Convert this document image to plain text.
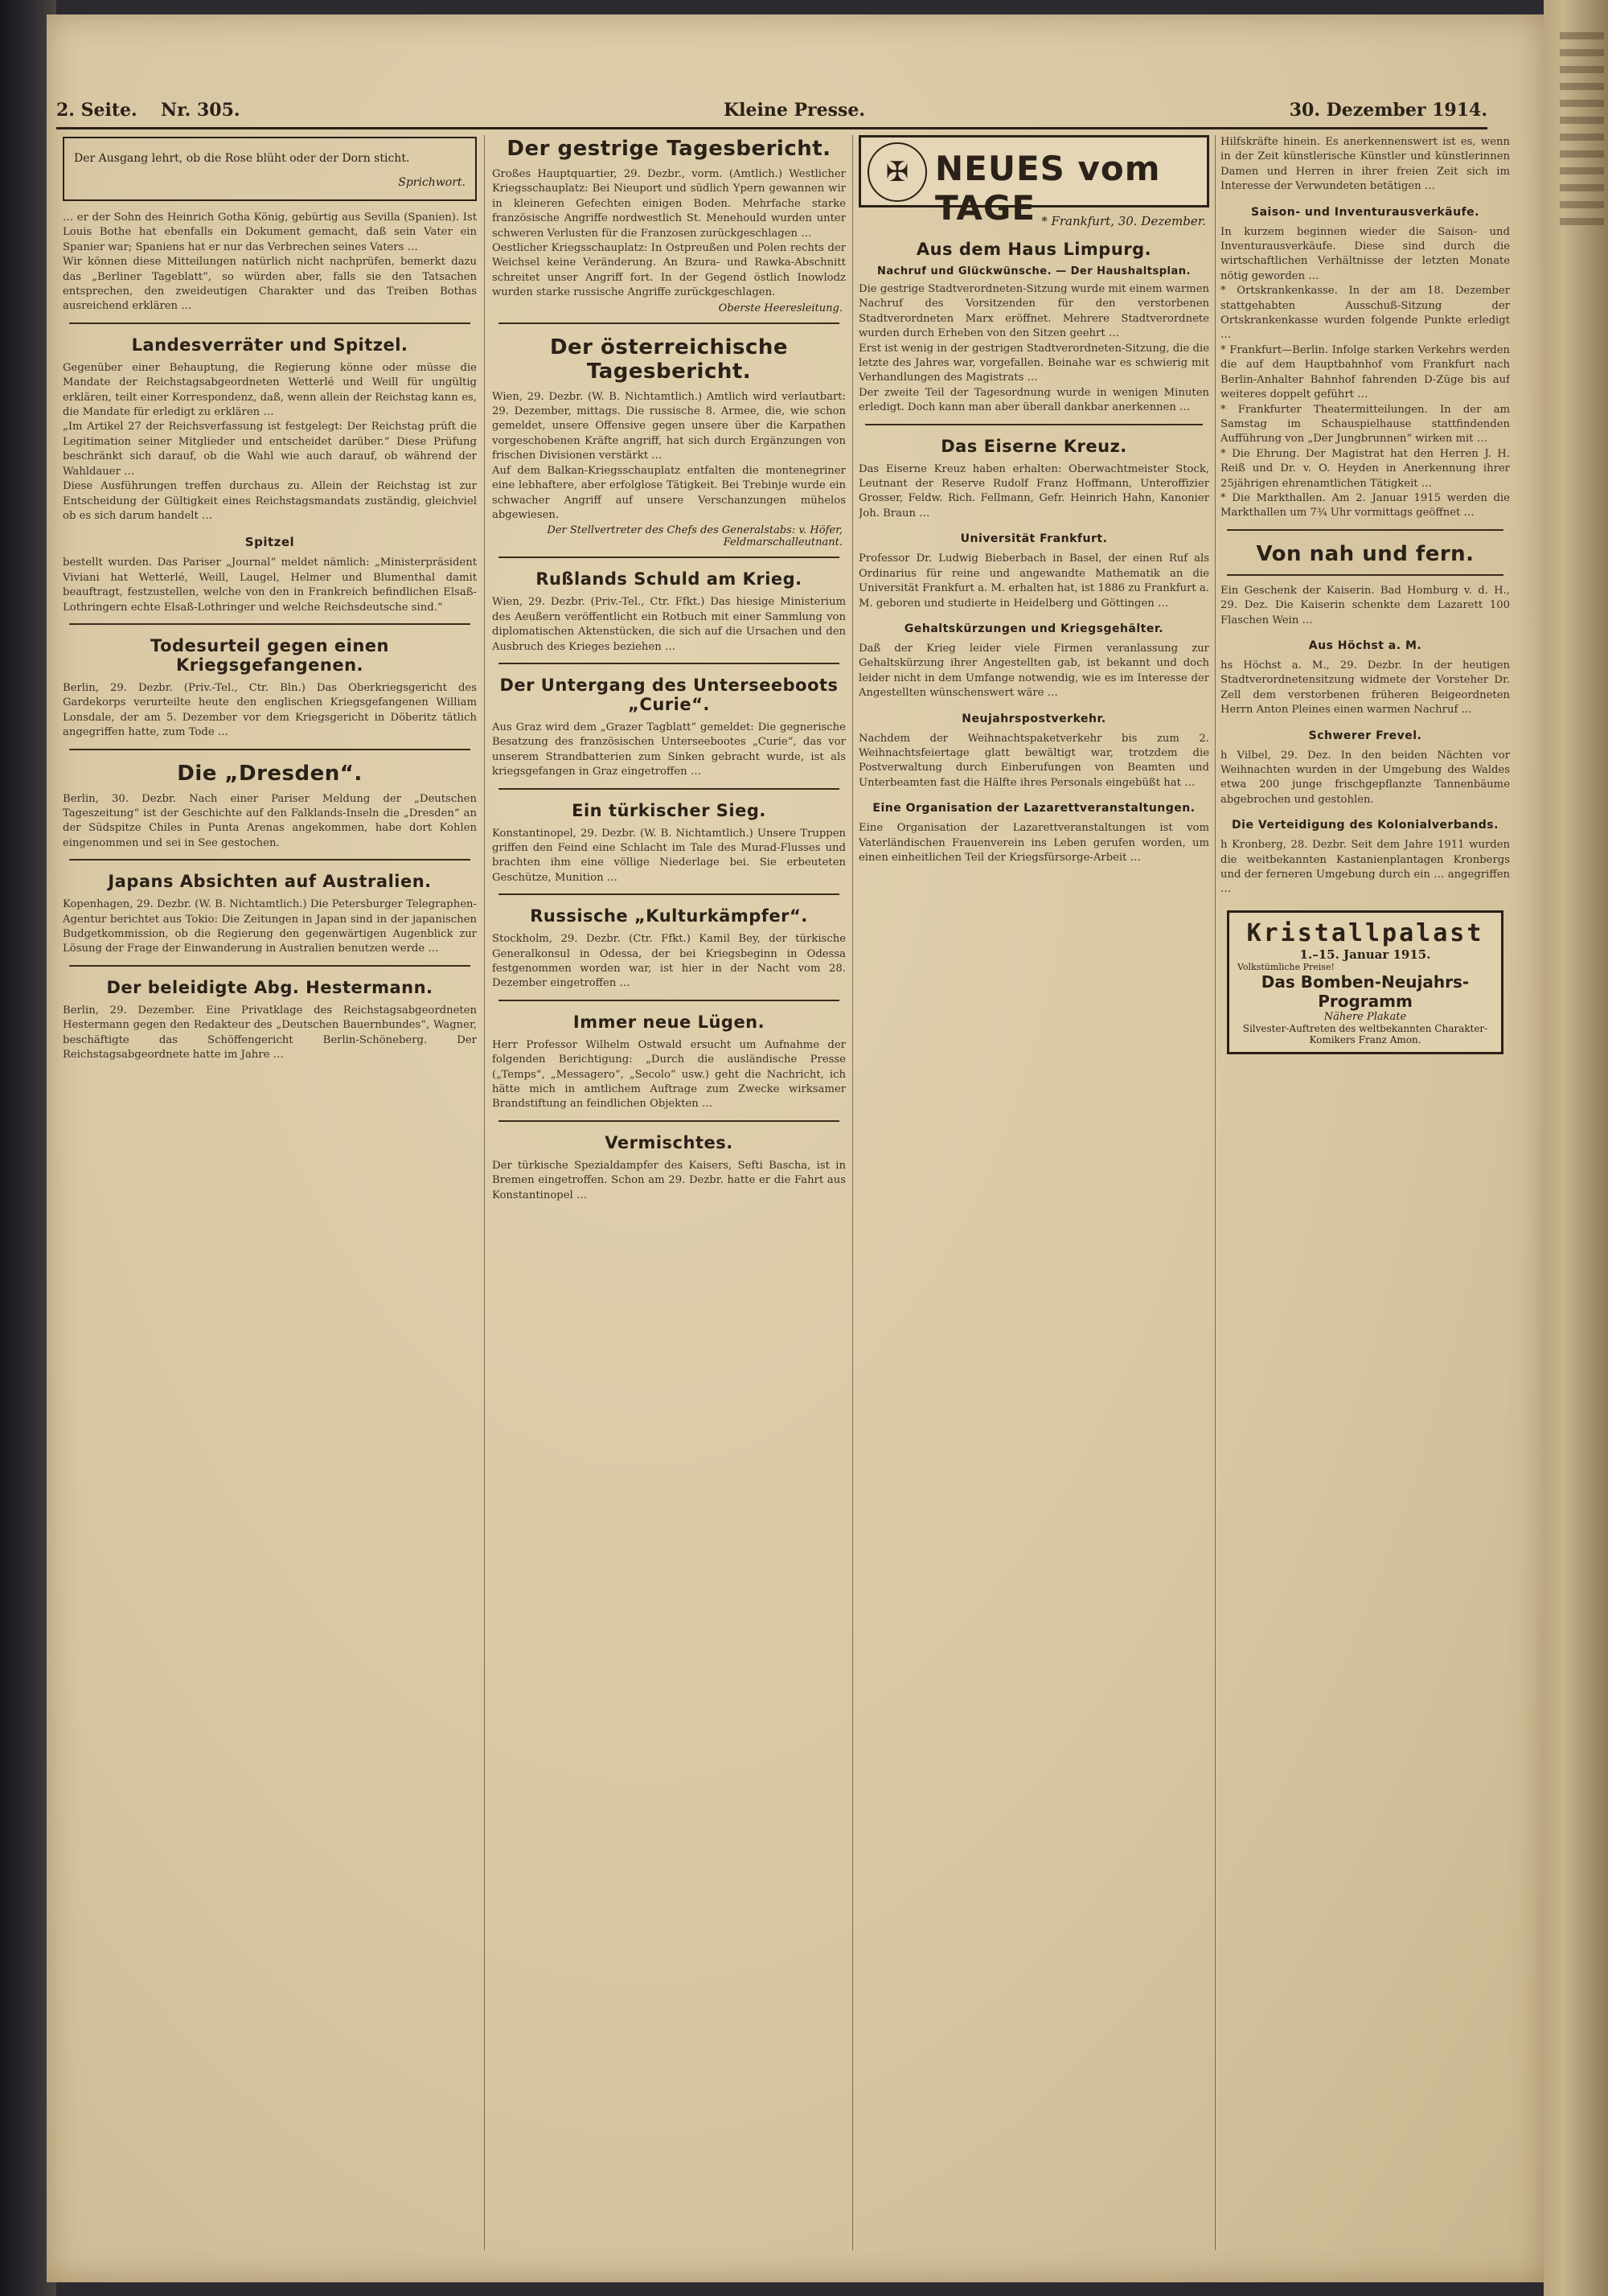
2. Seite. Nr. 305.	Kleine Presse.	30. Dezember 1914.
Der Ausgang lehrt, ob die Rose blüht oder der Dorn sticht.
Sprichwort.

… er der Sohn des Heinrich Gotha König, gebürtig aus Sevilla (Spanien). Ist Louis Bothe hat ebenfalls ein Dokument gemacht, daß sein Vater ein Spanier war; Spaniens hat er nur das Verbrechen seines Vaters …

Wir können diese Mitteilungen natürlich nicht nachprüfen, bemerkt dazu das „Berliner Tageblatt“, so würden aber, falls sie den Tatsachen entsprechen, den zweideutigen Charakter und das Treiben Bothas ausreichend erklären …

Landesverräter und Spitzel.

Gegenüber einer Behauptung, die Regierung könne oder müsse die Mandate der Reichstagsabgeordneten Wetterlé und Weill für ungültig erklären, teilt einer Korrespondenz, daß, wenn allein der Reichstag kann es, die Mandate für erledigt zu erklären …

„Im Artikel 27 der Reichsverfassung ist festgelegt: Der Reichstag prüft die Legitimation seiner Mitglieder und entscheidet darüber.“ Diese Prüfung beschränkt sich darauf, ob die Wahl wie auch darauf, ob während der Wahldauer …

Diese Ausführungen treffen durchaus zu. Allein der Reichstag ist zur Entscheidung der Gültigkeit eines Reichstagsmandats zuständig, gleichviel ob es sich darum handelt …

Spitzel

bestellt wurden. Das Pariser „Journal“ meldet nämlich: „Ministerpräsident Viviani hat Wetterlé, Weill, Laugel, Helmer und Blumenthal damit beauftragt, festzustellen, welche von den in Frankreich befindlichen Elsaß-Lothringern echte Elsaß-Lothringer und welche Reichsdeutsche sind.“

Todesurteil gegen einen Kriegsgefangenen.

Berlin, 29. Dezbr. (Priv.-Tel., Ctr. Bln.) Das Oberkriegsgericht des Gardekorps verurteilte heute den englischen Kriegsgefangenen William Lonsdale, der am 5. Dezember vor dem Kriegsgericht in Döberitz tätlich angegriffen hatte, zum Tode …

Die „Dresden“.

Berlin, 30. Dezbr. Nach einer Pariser Meldung der „Deutschen Tageszeitung“ ist der Geschichte auf den Falklands-Inseln die „Dresden“ an der Südspitze Chiles in Punta Arenas angekommen, habe dort Kohlen eingenommen und sei in See gestochen.

Japans Absichten auf Australien.

Kopenhagen, 29. Dezbr. (W. B. Nichtamtlich.) Die Petersburger Telegraphen-Agentur berichtet aus Tokio: Die Zeitungen in Japan sind in der japanischen Budgetkommission, ob die Regierung den gegenwärtigen Augenblick zur Lösung der Frage der Einwanderung in Australien benutzen werde …

Der beleidigte Abg. Hestermann.

Berlin, 29. Dezember. Eine Privatklage des Reichstagsabgeordneten Hestermann gegen den Redakteur des „Deutschen Bauernbundes“, Wagner, beschäftigte das Schöffengericht Berlin-Schöneberg. Der Reichstagsabgeordnete hatte im Jahre …

Der gestrige Tagesbericht.

Großes Hauptquartier, 29. Dezbr., vorm. (Amtlich.) Westlicher Kriegsschauplatz: Bei Nieuport und südlich Ypern gewannen wir in kleineren Gefechten einigen Boden. Mehrfache starke französische Angriffe nordwestlich St. Menehould wurden unter schweren Verlusten für die Franzosen zurückgeschlagen …

Oestlicher Kriegsschauplatz: In Ostpreußen und Polen rechts der Weichsel keine Veränderung. An Bzura- und Rawka-Abschnitt schreitet unser Angriff fort. In der Gegend östlich Inowlodz wurden starke russische Angriffe zurückgeschlagen.

Oberste Heeresleitung.
Der österreichische Tagesbericht.

Wien, 29. Dezbr. (W. B. Nichtamtlich.) Amtlich wird verlautbart: 29. Dezember, mittags. Die russische 8. Armee, die, wie schon gemeldet, unsere Offensive gegen unsere über die Karpathen vorgeschobenen Kräfte angriff, hat sich durch Ergänzungen von frischen Divisionen verstärkt …

Auf dem Balkan-Kriegsschauplatz entfalten die montenegriner eine lebhaftere, aber erfolglose Tätigkeit. Bei Trebinje wurde ein schwacher Angriff auf unsere Verschanzungen mühelos abgewiesen.

Der Stellvertreter des Chefs des Generalstabs: v. Höfer, Feldmarschalleutnant.
Rußlands Schuld am Krieg.

Wien, 29. Dezbr. (Priv.-Tel., Ctr. Ffkt.) Das hiesige Ministerium des Aeußern veröffentlicht ein Rotbuch mit einer Sammlung von diplomatischen Aktenstücken, die sich auf die Ursachen und den Ausbruch des Krieges beziehen …

Der Untergang des Unterseeboots „Curie“.

Aus Graz wird dem „Grazer Tagblatt“ gemeldet: Die gegnerische Besatzung des französischen Unterseebootes „Curie“, das vor unserem Strandbatterien zum Sinken gebracht wurde, ist als kriegsgefangen in Graz eingetroffen …

Ein türkischer Sieg.

Konstantinopel, 29. Dezbr. (W. B. Nichtamtlich.) Unsere Truppen griffen den Feind eine Schlacht im Tale des Murad-Flusses und brachten ihm eine völlige Niederlage bei. Sie erbeuteten Geschütze, Munition …

Russische „Kulturkämpfer“.

Stockholm, 29. Dezbr. (Ctr. Ffkt.) Kamil Bey, der türkische Generalkonsul in Odessa, der bei Kriegsbeginn in Odessa festgenommen worden war, ist hier in der Nacht vom 28. Dezember eingetroffen …

Immer neue Lügen.

Herr Professor Wilhelm Ostwald ersucht um Aufnahme der folgenden Berichtigung: „Durch die ausländische Presse („Temps“, „Messagero“, „Secolo“ usw.) geht die Nachricht, ich hätte mich in amtlichem Auftrage zum Zwecke wirksamer Brandstiftung an feindlichen Objekten …

Vermischtes.

Der türkische Spezialdampfer des Kaisers, Sefti Bascha, ist in Bremen eingetroffen. Schon am 29. Dezbr. hatte er die Fahrt aus Konstantinopel …

✠ NEUES vom TAGE * Frankfurt, 30. Dezember.
Aus dem Haus Limpurg.
Nachruf und Glückwünsche. — Der Haushaltsplan.

Die gestrige Stadtverordneten-Sitzung wurde mit einem warmen Nachruf des Vorsitzenden für den verstorbenen Stadtverordneten Marx eröffnet. Mehrere Stadtverordnete wurden durch Erheben von den Sitzen geehrt …

Erst ist wenig in der gestrigen Stadtverordneten-Sitzung, die die letzte des Jahres war, vorgefallen. Beinahe war es schwierig mit Verhandlungen des Magistrats …

Der zweite Teil der Tagesordnung wurde in wenigen Minuten erledigt. Doch kann man aber überall dankbar anerkennen …

Das Eiserne Kreuz.

Das Eiserne Kreuz haben erhalten: Oberwachtmeister Stock, Leutnant der Reserve Rudolf Franz Hoffmann, Unteroffizier Grosser, Feldw. Rich. Fellmann, Gefr. Heinrich Hahn, Kanonier Joh. Braun …

Universität Frankfurt.

Professor Dr. Ludwig Bieberbach in Basel, der einen Ruf als Ordinarius für reine und angewandte Mathematik an die Universität Frankfurt a. M. erhalten hat, ist 1886 zu Frankfurt a. M. geboren und studierte in Heidelberg und Göttingen …

Gehaltskürzungen und Kriegsgehälter.

Daß der Krieg leider viele Firmen veranlassung zur Gehaltskürzung ihrer Angestellten gab, ist bekannt und doch leider nicht in dem Umfange notwendig, wie es im Interesse der Angestellten wünschenswert wäre …

Neujahrspostverkehr.

Nachdem der Weihnachtspaketverkehr bis zum 2. Weihnachtsfeiertage glatt bewältigt war, trotzdem die Postverwaltung durch Einberufungen von Beamten und Unterbeamten fast die Hälfte ihres Personals eingebüßt hat …

Eine Organisation der Lazarettveranstaltungen.

Eine Organisation der Lazarettveranstaltungen ist vom Vaterländischen Frauenverein ins Leben gerufen worden, um einen einheitlichen Teil der Kriegsfürsorge-Arbeit …

Hilfskräfte hinein. Es anerkennenswert ist es, wenn in der Zeit künstlerische Künstler und künstlerinnen Damen und Herren in ihrer freien Zeit sich im Interesse der Verwundeten betätigen …

Saison- und Inventurausverkäufe.

In kurzem beginnen wieder die Saison- und Inventurausverkäufe. Diese sind durch die wirtschaftlichen Verhältnisse der letzten Monate nötig geworden …

* Ortskrankenkasse. In der am 18. Dezember stattgehabten Ausschuß-Sitzung der Ortskrankenkasse wurden folgende Punkte erledigt …

* Frankfurt—Berlin. Infolge starken Verkehrs werden die auf dem Hauptbahnhof vom Frankfurt nach Berlin-Anhalter Bahnhof fahrenden D-Züge bis auf weiteres doppelt geführt …

* Frankfurter Theatermitteilungen. In der am Samstag im Schauspielhause stattfindenden Aufführung von „Der Jungbrunnen“ wirken mit …

* Die Ehrung. Der Magistrat hat den Herren J. H. Reiß und Dr. v. O. Heyden in Anerkennung ihrer 25jährigen ehrenamtlichen Tätigkeit …

* Die Markthallen. Am 2. Januar 1915 werden die Markthallen um 7¾ Uhr vormittags geöffnet …

Von nah und fern.

Ein Geschenk der Kaiserin. Bad Homburg v. d. H., 29. Dez. Die Kaiserin schenkte dem Lazarett 100 Flaschen Wein …

Aus Höchst a. M.

hs Höchst a. M., 29. Dezbr. In der heutigen Stadtverordnetensitzung widmete der Vorsteher Dr. Zell dem verstorbenen früheren Beigeordneten Herrn Anton Pleines einen warmen Nachruf …

Schwerer Frevel.

h Vilbel, 29. Dez. In den beiden Nächten vor Weihnachten wurden in der Umgebung des Waldes etwa 200 junge frischgepflanzte Tannenbäume abgebrochen und gestohlen.

Die Verteidigung des Kolonialverbands.

h Kronberg, 28. Dezbr. Seit dem Jahre 1911 wurden die weitbekannten Kastanienplantagen Kronbergs und der ferneren Umgebung durch ein … angegriffen …

Kristallpalast
1.–15. Januar 1915.
Volkstümliche Preise!
Das Bomben-Neujahrs-Programm
Nähere Plakate
Silvester-Auftreten des weltbekannten Charakter-Komikers Franz Amon.
